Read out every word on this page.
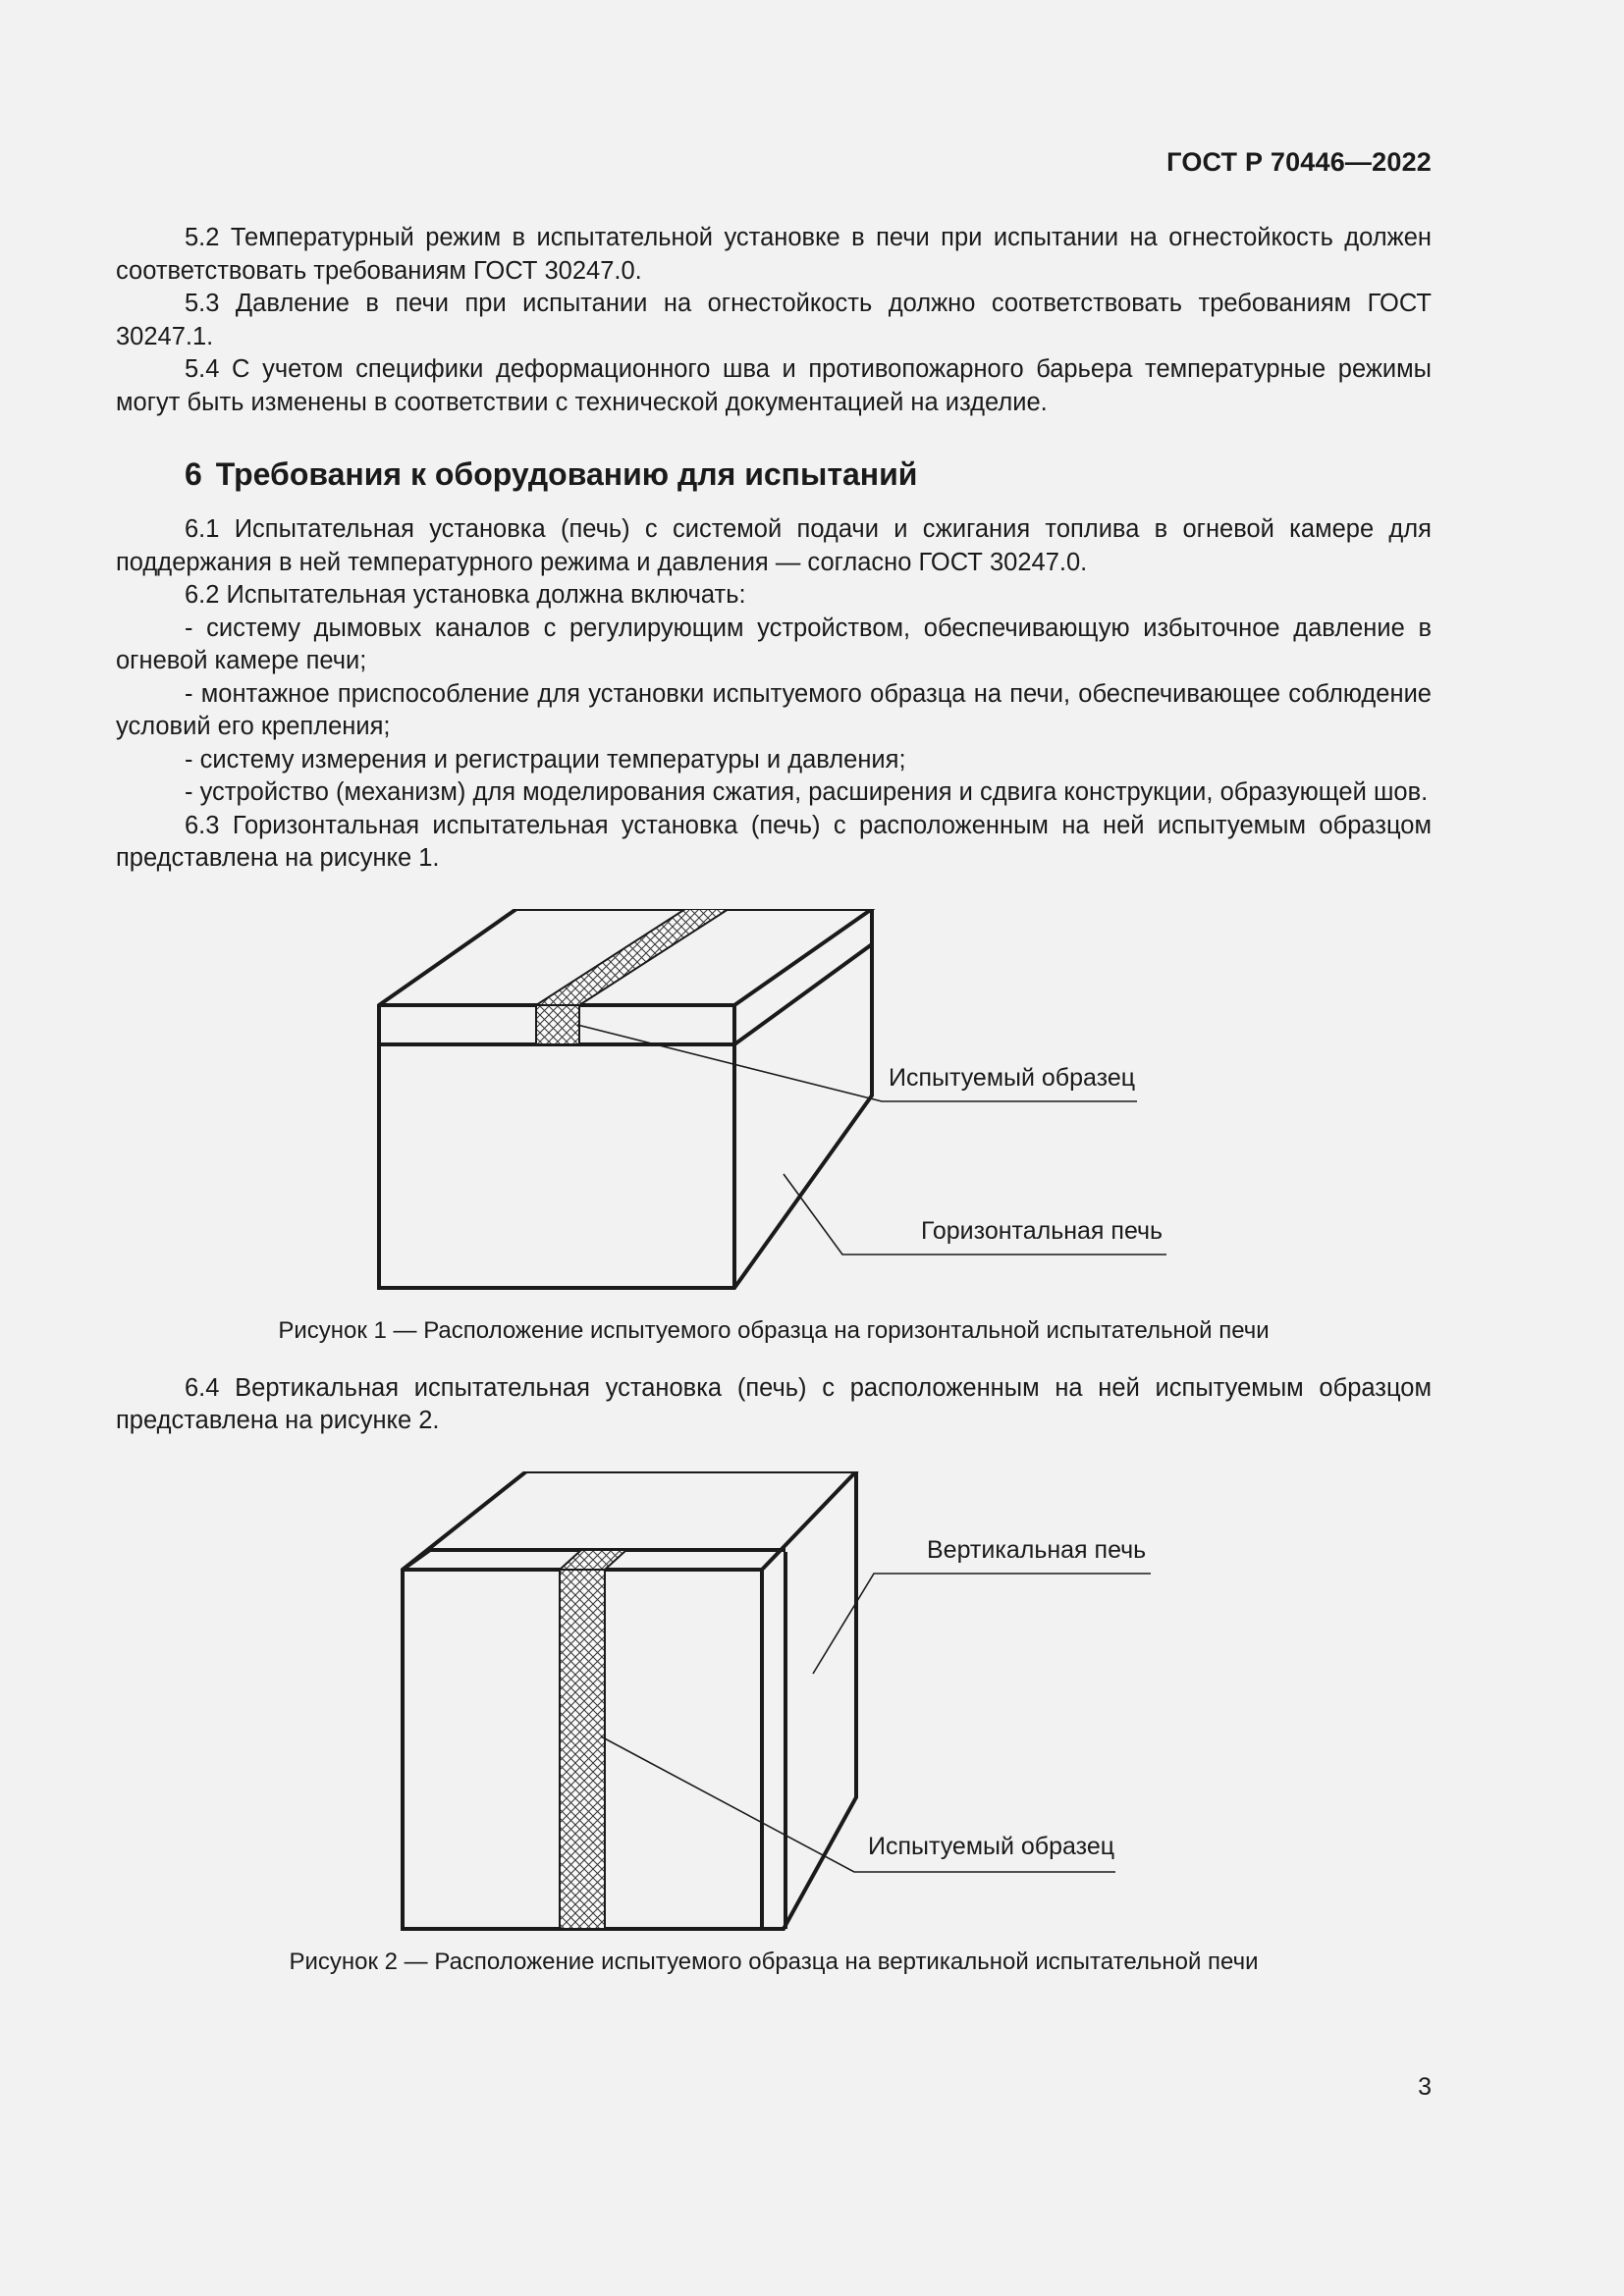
ГОСТ Р 70446—2022

5.2 Температурный режим в испытательной установке в печи при испытании на огнестойкость должен соответствовать требованиям ГОСТ 30247.0.

5.3 Давление в печи при испытании на огнестойкость должно соответствовать требованиям ГОСТ 30247.1.

5.4 С учетом специфики деформационного шва и противопожарного барьера температурные режимы могут быть изменены в соответствии с технической документацией на изделие.

6 Требования к оборудованию для испытаний

6.1 Испытательная установка (печь) с системой подачи и сжигания топлива в огневой камере для поддержания в ней температурного режима и давления — согласно ГОСТ 30247.0.

6.2 Испытательная установка должна включать:

- систему дымовых каналов с регулирующим устройством, обеспечивающую избыточное давление в огневой камере печи;

- монтажное приспособление для установки испытуемого образца на печи, обеспечивающее соблюдение условий его крепления;

- систему измерения и регистрации температуры и давления;

- устройство (механизм) для моделирования сжатия, расширения и сдвига конструкции, образующей шов.

6.3 Горизонтальная испытательная установка (печь) с расположенным на ней испытуемым образцом представлена на рисунке 1.

Испытуемый образец
Горизонтальная печь
Рисунок 1 — Расположение испытуемого образца на горизонтальной испытательной печи

6.4 Вертикальная испытательная установка (печь) с расположенным на ней испытуемым образцом представлена на рисунке 2.

Вертикальная печь
Испытуемый образец
Рисунок 2 — Расположение испытуемого образца на вертикальной испытательной печи
3
